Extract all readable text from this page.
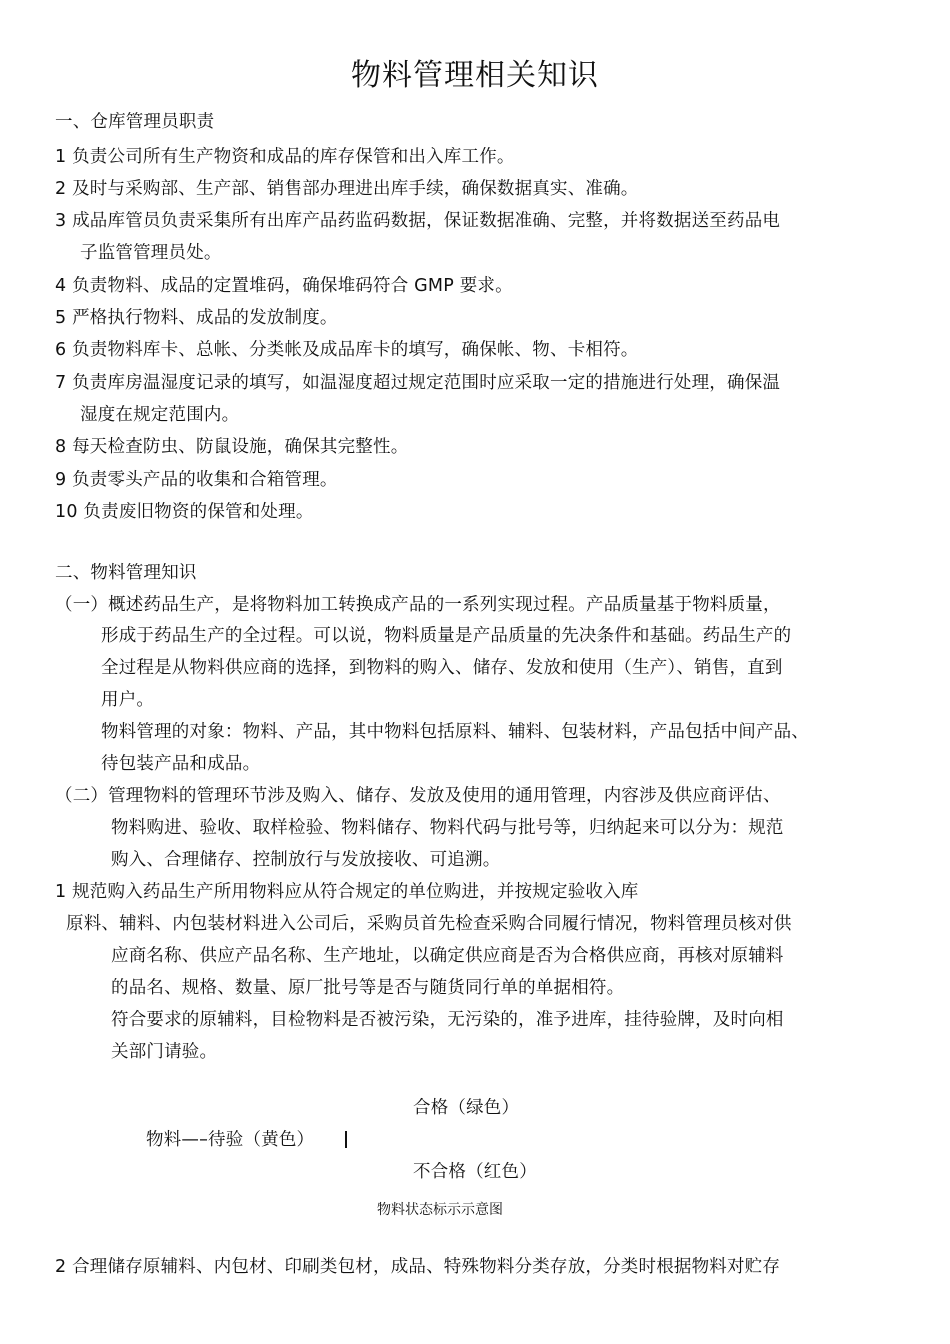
物料管理相关知识
一、仓库管理员职责
1 负责公司所有生产物资和成品的库存保管和出入库工作。
2 及时与采购部、生产部、销售部办理进出库手续，确保数据真实、准确。
3 成品库管员负责采集所有出库产品药监码数据，保证数据准确、完整，并将数据送至药品电
子监管管理员处。
4 负责物料、成品的定置堆码，确保堆码符合 GMP 要求。
5 严格执行物料、成品的发放制度。
6 负责物料库卡、总帐、分类帐及成品库卡的填写，确保帐、物、卡相符。
7 负责库房温湿度记录的填写，如温湿度超过规定范围时应采取一定的措施进行处理，确保温
湿度在规定范围内。
8 每天检查防虫、防鼠设施，确保其完整性。
9 负责零头产品的收集和合箱管理。
10 负责废旧物资的保管和处理。
二、物料管理知识
（一）概述药品生产，是将物料加工转换成产品的一系列实现过程。产品质量基于物料质量，
形成于药品生产的全过程。可以说，物料质量是产品质量的先决条件和基础。药品生产的
全过程是从物料供应商的选择，到物料的购入、储存、发放和使用（生产）、销售，直到
用户。
物料管理的对象：物料、产品，其中物料包括原料、辅料、包装材料，产品包括中间产品、
待包装产品和成品。
（二）管理物料的管理环节涉及购入、储存、发放及使用的通用管理，内容涉及供应商评估、
物料购进、验收、取样检验、物料储存、物料代码与批号等，归纳起来可以分为：规范
购入、合理储存、控制放行与发放接收、可追溯。
1 规范购入药品生产所用物料应从符合规定的单位购进，并按规定验收入库
原料、辅料、内包装材料进入公司后，采购员首先检查采购合同履行情况，物料管理员核对供
应商名称、供应产品名称、生产地址，以确定供应商是否为合格供应商，再核对原辅料
的品名、规格、数量、原厂批号等是否与随货同行单的单据相符。
符合要求的原辅料，目检物料是否被污染，无污染的，准予进库，挂待验牌，及时向相
关部门请验。
合格（绿色）
物料—–待验（黄色）
不合格（红色）
物料状态标示示意图
2 合理储存原辅料、内包材、印刷类包材，成品、特殊物料分类存放，分类时根据物料对贮存
